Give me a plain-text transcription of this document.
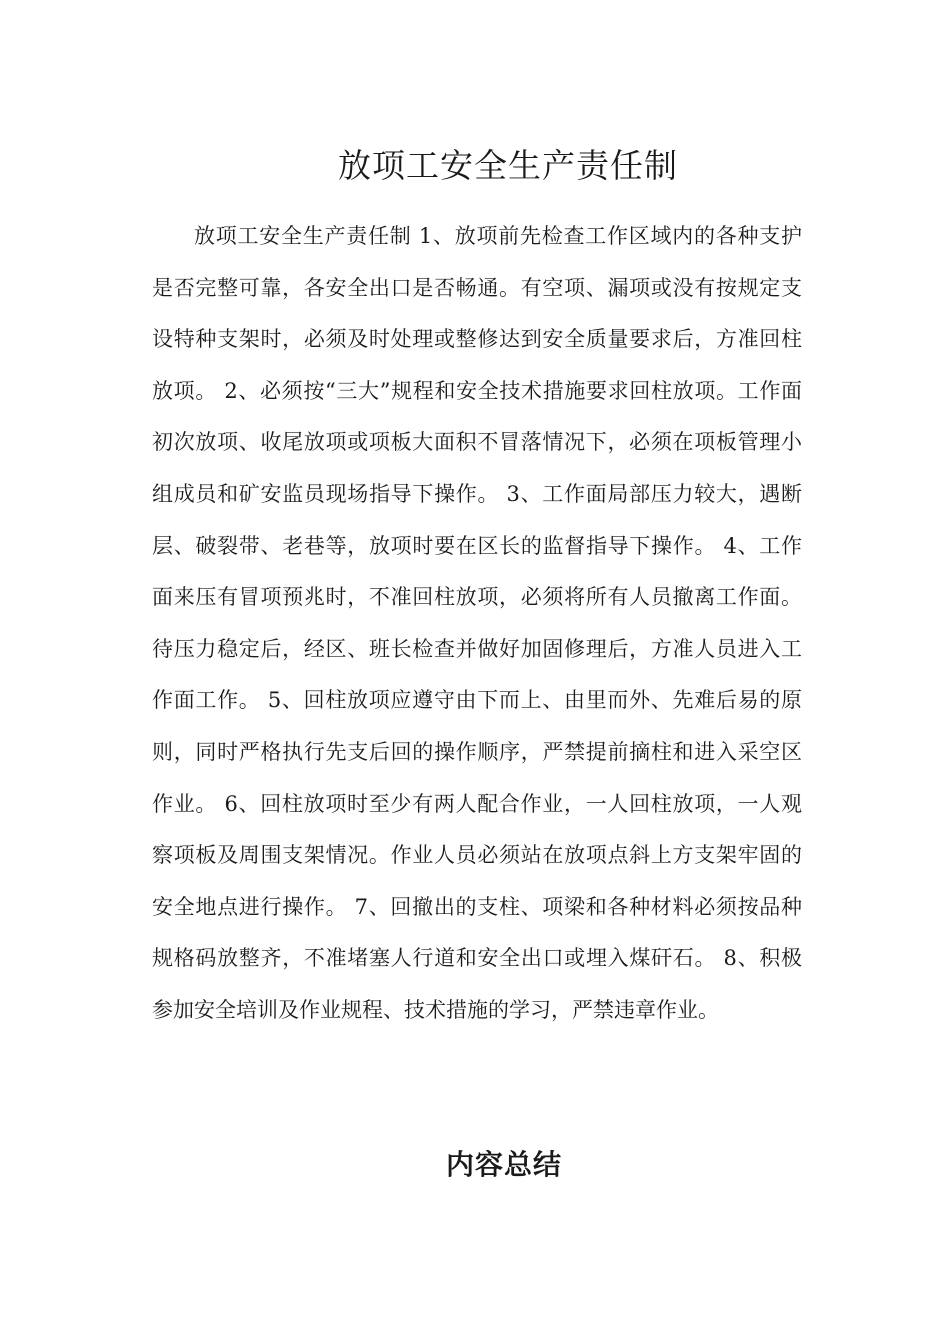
放项工安全生产责任制

放项工安全生产责任制 1、放项前先检查工作区域内的各种支护是否完整可靠，各安全出口是否畅通。有空项、漏项或没有按规定支设特种支架时，必须及时处理或整修达到安全质量要求后，方准回柱放项。 2、必须按“三大”规程和安全技术措施要求回柱放项。工作面初次放项、收尾放项或项板大面积不冒落情况下，必须在项板管理小组成员和矿安监员现场指导下操作。 3、工作面局部压力较大，遇断层、破裂带、老巷等，放项时要在区长的监督指导下操作。 4、工作面来压有冒项预兆时，不准回柱放项，必须将所有人员撤离工作面。待压力稳定后，经区、班长检查并做好加固修理后，方准人员进入工作面工作。 5、回柱放项应遵守由下而上、由里而外、先难后易的原则，同时严格执行先支后回的操作顺序，严禁提前摘柱和进入采空区作业。 6、回柱放项时至少有两人配合作业，一人回柱放项，一人观察项板及周围支架情况。作业人员必须站在放项点斜上方支架牢固的安全地点进行操作。 7、回撤出的支柱、项梁和各种材料必须按品种规格码放整齐，不准堵塞人行道和安全出口或埋入煤矸石。 8、积极参加安全培训及作业规程、技术措施的学习，严禁违章作业。

内容总结
